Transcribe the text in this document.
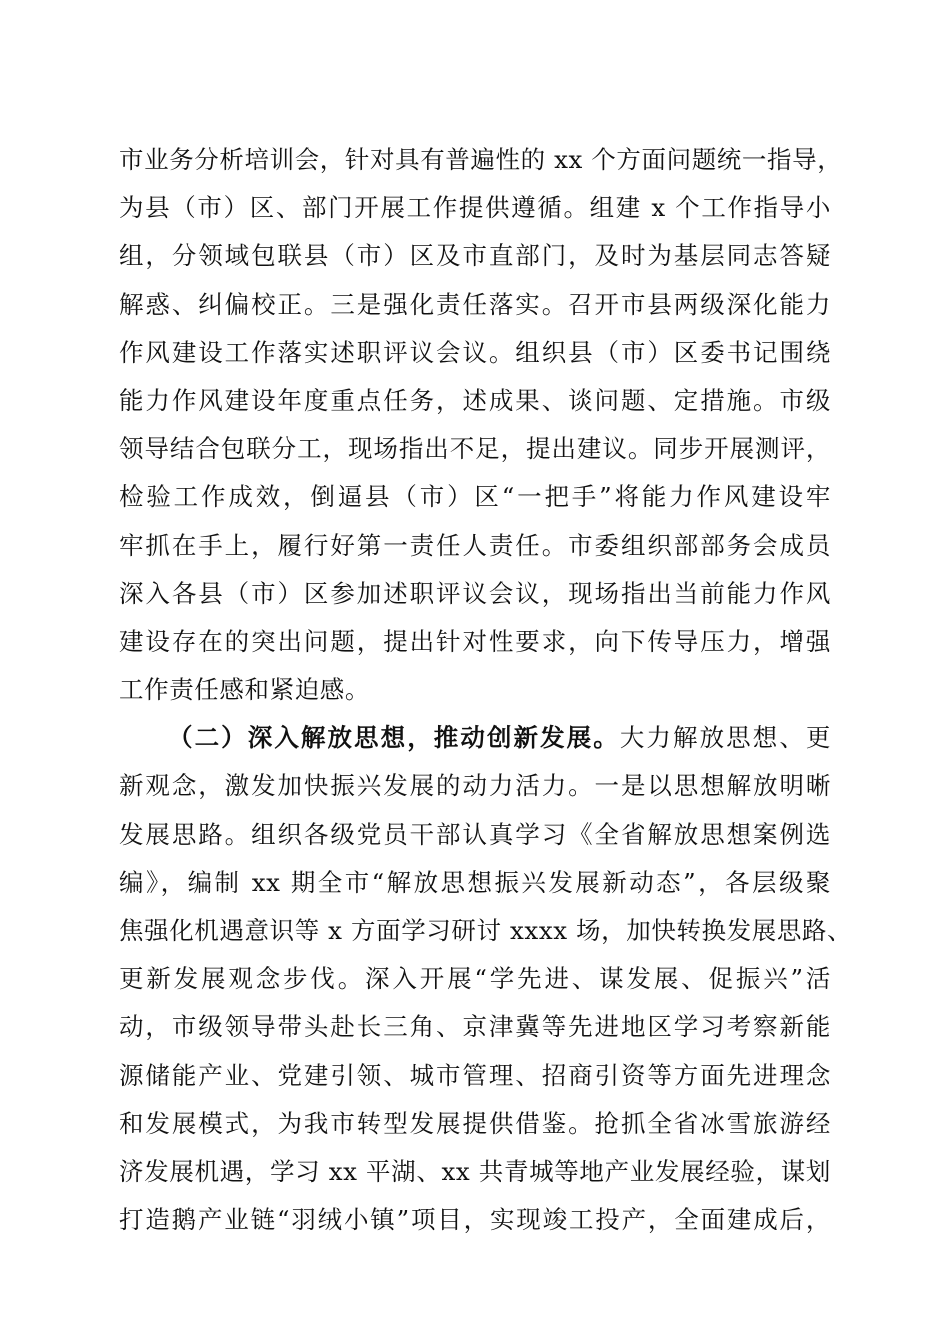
市业务分析培训会，针对具有普遍性的 xx 个方面问题统一指导，
为县（市）区、部门开展工作提供遵循。组建 x 个工作指导小
组，分领域包联县（市）区及市直部门，及时为基层同志答疑
解惑、纠偏校正。三是强化责任落实。召开市县两级深化能力
作风建设工作落实述职评议会议。组织县（市）区委书记围绕
能力作风建设年度重点任务，述成果、谈问题、定措施。市级
领导结合包联分工，现场指出不足，提出建议。同步开展测评，
检验工作成效，倒逼县（市）区“一把手”将能力作风建设牢
牢抓在手上，履行好第一责任人责任。市委组织部部务会成员
深入各县（市）区参加述职评议会议，现场指出当前能力作风
建设存在的突出问题，提出针对性要求，向下传导压力，增强
工作责任感和紧迫感。
（二）深入解放思想，推动创新发展。大力解放思想、更
新观念，激发加快振兴发展的动力活力。一是以思想解放明晰
发展思路。组织各级党员干部认真学习《全省解放思想案例选
编》，编制 xx 期全市“解放思想振兴发展新动态”，各层级聚
焦强化机遇意识等 x 方面学习研讨 xxxx 场，加快转换发展思路、
更新发展观念步伐。深入开展“学先进、谋发展、促振兴”活
动，市级领导带头赴长三角、京津冀等先进地区学习考察新能
源储能产业、党建引领、城市管理、招商引资等方面先进理念
和发展模式，为我市转型发展提供借鉴。抢抓全省冰雪旅游经
济发展机遇，学习 xx 平湖、xx 共青城等地产业发展经验，谋划
打造鹅产业链“羽绒小镇”项目，实现竣工投产，全面建成后，
